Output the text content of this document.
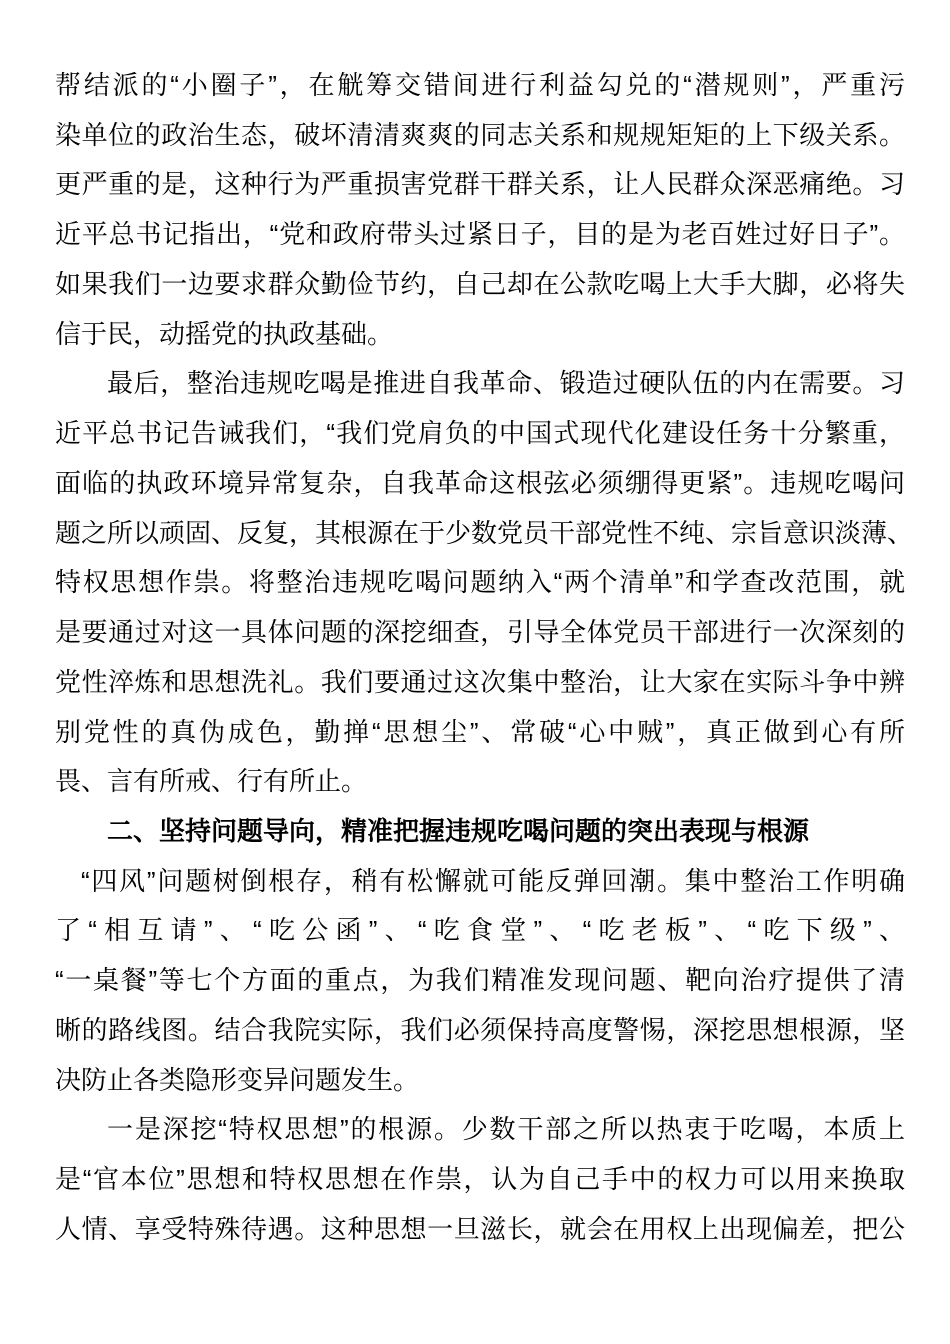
帮结派的“小圈子”，在觥筹交错间进行利益勾兑的“潜规则”，严重污
染单位的政治生态，破坏清清爽爽的同志关系和规规矩矩的上下级关系。
更严重的是，这种行为严重损害党群干群关系，让人民群众深恶痛绝。习
近平总书记指出，“党和政府带头过紧日子，目的是为老百姓过好日子”。
如果我们一边要求群众勤俭节约，自己却在公款吃喝上大手大脚，必将失
信于民，动摇党的执政基础。
最后，整治违规吃喝是推进自我革命、锻造过硬队伍的内在需要。习
近平总书记告诫我们，“我们党肩负的中国式现代化建设任务十分繁重，
面临的执政环境异常复杂，自我革命这根弦必须绷得更紧”。违规吃喝问
题之所以顽固、反复，其根源在于少数党员干部党性不纯、宗旨意识淡薄、
特权思想作祟。将整治违规吃喝问题纳入“两个清单”和学查改范围，就
是要通过对这一具体问题的深挖细查，引导全体党员干部进行一次深刻的
党性淬炼和思想洗礼。我们要通过这次集中整治，让大家在实际斗争中辨
别党性的真伪成色，勤掸“思想尘”、常破“心中贼”，真正做到心有所
畏、言有所戒、行有所止。
二、坚持问题导向，精准把握违规吃喝问题的突出表现与根源
“四风”问题树倒根存，稍有松懈就可能反弹回潮。集中整治工作明确
了“相互请”、“吃公函”、“吃食堂”、“吃老板”、“吃下级”、
“一桌餐”等七个方面的重点，为我们精准发现问题、靶向治疗提供了清
晰的路线图。结合我院实际，我们必须保持高度警惕，深挖思想根源，坚
决防止各类隐形变异问题发生。
一是深挖“特权思想”的根源。少数干部之所以热衷于吃喝，本质上
是“官本位”思想和特权思想在作祟，认为自己手中的权力可以用来换取
人情、享受特殊待遇。这种思想一旦滋长，就会在用权上出现偏差，把公
